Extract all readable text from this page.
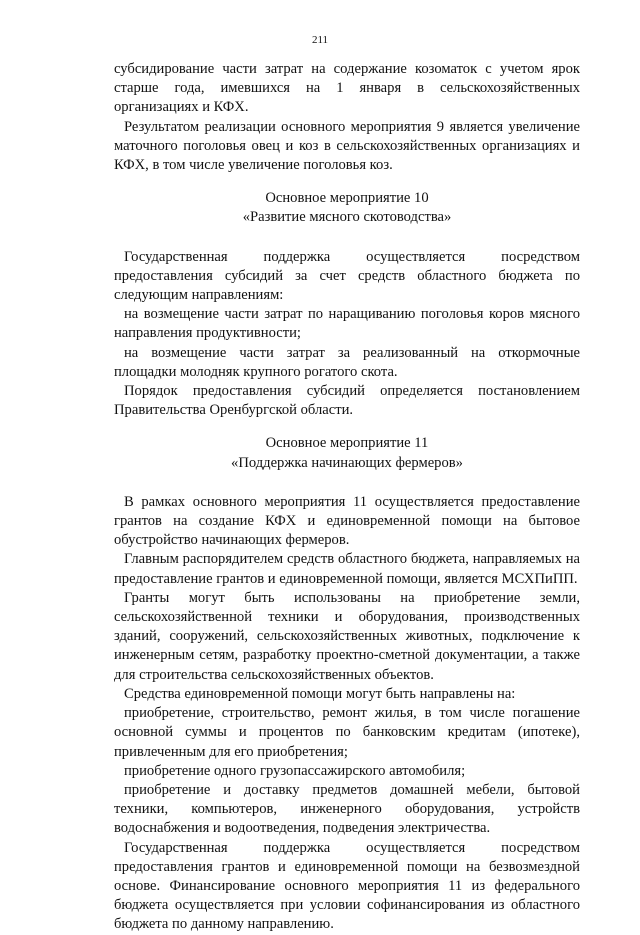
211

субсидирование части затрат на содержание козоматок с учетом ярок старше года, имевшихся на 1 января в сельскохозяйственных организациях и КФХ.

Результатом реализации основного мероприятия 9 является увеличение маточного поголовья овец и коз в сельскохозяйственных организациях и КФХ, в том числе увеличение поголовья коз.

Основное мероприятие 10

«Развитие мясного скотоводства»

Государственная поддержка осуществляется посредством предоставления субсидий за счет средств областного бюджета по следующим направлениям:

на возмещение части затрат по наращиванию поголовья коров мясного направления продуктивности;

на возмещение части затрат за реализованный на откормочные площадки молодняк крупного рогатого скота.

Порядок предоставления субсидий определяется постановлением Правительства Оренбургской области.

Основное мероприятие 11

«Поддержка начинающих фермеров»

В рамках основного мероприятия 11 осуществляется предоставление грантов на создание КФХ и единовременной помощи на бытовое обустройство начинающих фермеров.

Главным распорядителем средств областного бюджета, направляемых на предоставление грантов и единовременной помощи, является МСХПиПП.

Гранты могут быть использованы на приобретение земли, сельскохозяйственной техники и оборудования, производственных зданий, сооружений, сельскохозяйственных животных, подключение к инженерным сетям, разработку проектно-сметной документации, а также для строительства сельскохозяйственных объектов.

Средства единовременной помощи могут быть направлены на:

приобретение, строительство, ремонт жилья, в том числе погашение основной суммы и процентов по банковским кредитам (ипотеке), привлеченным для его приобретения;

приобретение одного грузопассажирского автомобиля;

приобретение и доставку предметов домашней мебели, бытовой техники, компьютеров, инженерного оборудования, устройств водоснабжения и водоотведения, подведения электричества.

Государственная поддержка осуществляется посредством предоставления грантов и единовременной помощи на безвозмездной основе. Финансирование основного мероприятия 11 из федерального бюджета осуществляется при условии софинансирования из областного бюджета по данному направлению.
